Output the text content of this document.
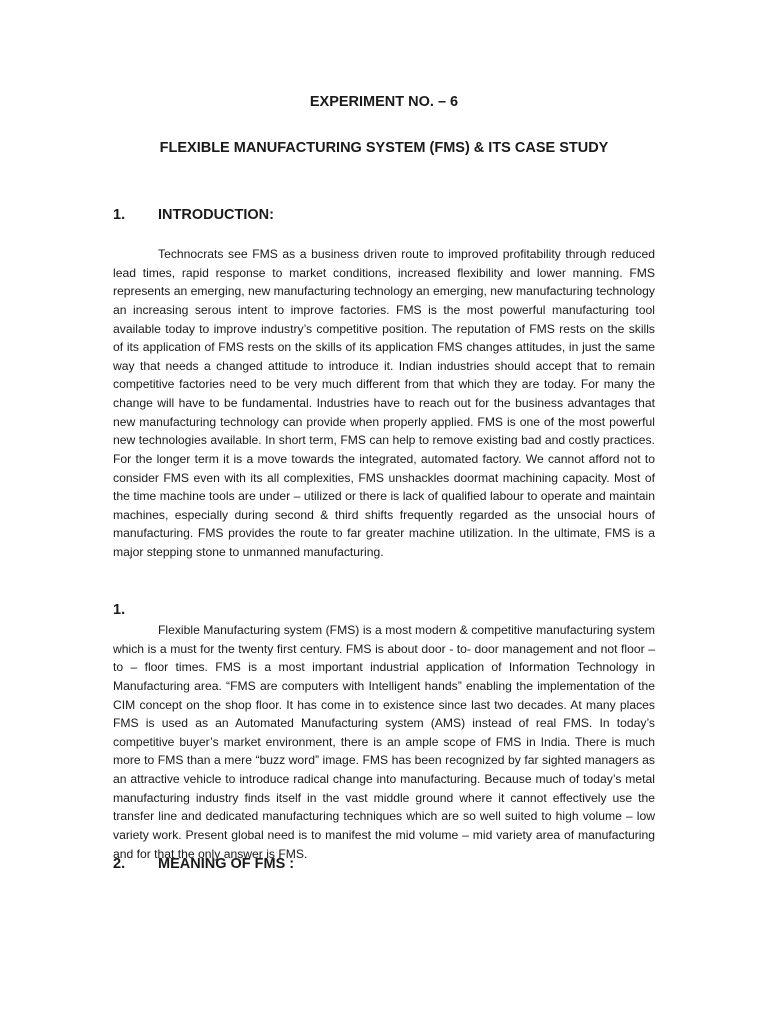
EXPERIMENT NO. – 6
FLEXIBLE MANUFACTURING SYSTEM (FMS) & ITS CASE STUDY
1. INTRODUCTION:

Technocrats see FMS as a business driven route to improved profitability through reduced lead times, rapid response to market conditions, increased flexibility and lower manning. FMS represents an emerging, new manufacturing technology an emerging, new manufacturing technology an increasing serous intent to improve factories. FMS is the most powerful manufacturing tool available today to improve industry’s competitive position. The reputation of FMS rests on the skills of its application of FMS rests on the skills of its application FMS changes attitudes, in just the same way that needs a changed attitude to introduce it. Indian industries should accept that to remain competitive factories need to be very much different from that which they are today. For many the change will have to be fundamental. Industries have to reach out for the business advantages that new manufacturing technology can provide when properly applied. FMS is one of the most powerful new technologies available. In short term, FMS can help to remove existing bad and costly practices. For the longer term it is a move towards the integrated, automated factory. We cannot afford not to consider FMS even with its all complexities, FMS unshackles doormat machining capacity. Most of the time machine tools are under – utilized or there is lack of qualified labour to operate and maintain machines, especially during second & third shifts frequently regarded as the unsocial hours of manufacturing. FMS provides the route to far greater machine utilization. In the ultimate, FMS is a major stepping stone to unmanned manufacturing.

1.

Flexible Manufacturing system (FMS) is a most modern & competitive manufacturing system which is a must for the twenty first century. FMS is about door - to- door management and not floor – to – floor times. FMS is a most important industrial application of Information Technology in Manufacturing area. “FMS are computers with Intelligent hands” enabling the implementation of the CIM concept on the shop floor. It has come in to existence since last two decades. At many places FMS is used as an Automated Manufacturing system (AMS) instead of real FMS. In today’s competitive buyer’s market environment, there is an ample scope of FMS in India. There is much more to FMS than a mere “buzz word” image. FMS has been recognized by far sighted managers as an attractive vehicle to introduce radical change into manufacturing. Because much of today’s metal manufacturing industry finds itself in the vast middle ground where it cannot effectively use the transfer line and dedicated manufacturing techniques which are so well suited to high volume – low variety work. Present global need is to manifest the mid volume – mid variety area of manufacturing and for that the only answer is FMS.

2. MEANING OF FMS :
